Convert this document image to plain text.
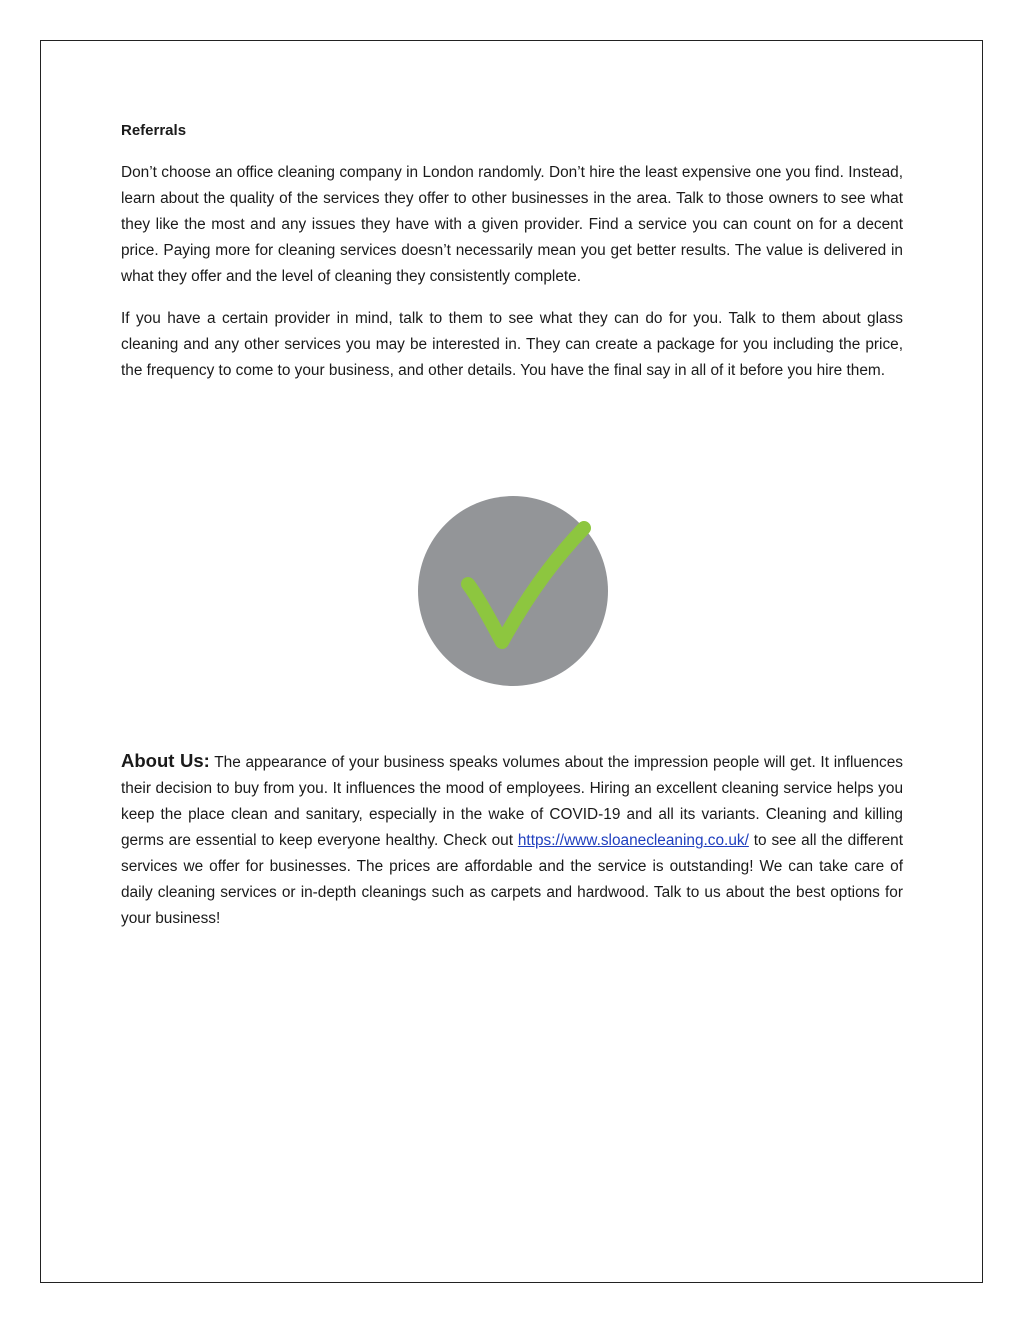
Referrals

Don’t choose an office cleaning company in London randomly. Don’t hire the least expensive one you find. Instead, learn about the quality of the services they offer to other businesses in the area. Talk to those owners to see what they like the most and any issues they have with a given provider. Find a service you can count on for a decent price. Paying more for cleaning services doesn’t necessarily mean you get better results. The value is delivered in what they offer and the level of cleaning they consistently complete.

If you have a certain provider in mind, talk to them to see what they can do for you. Talk to them about glass cleaning and any other services you may be interested in. They can create a package for you including the price, the frequency to come to your business, and other details. You have the final say in all of it before you hire them.

About Us: The appearance of your business speaks volumes about the impression people will get. It influences their decision to buy from you. It influences the mood of employees. Hiring an excellent cleaning service helps you keep the place clean and sanitary, especially in the wake of COVID-19 and all its variants. Cleaning and killing germs are essential to keep everyone healthy. Check out https://www.sloanecleaning.co.uk/ to see all the different services we offer for businesses. The prices are affordable and the service is outstanding! We can take care of daily cleaning services or in-depth cleanings such as carpets and hardwood. Talk to us about the best options for your business!
